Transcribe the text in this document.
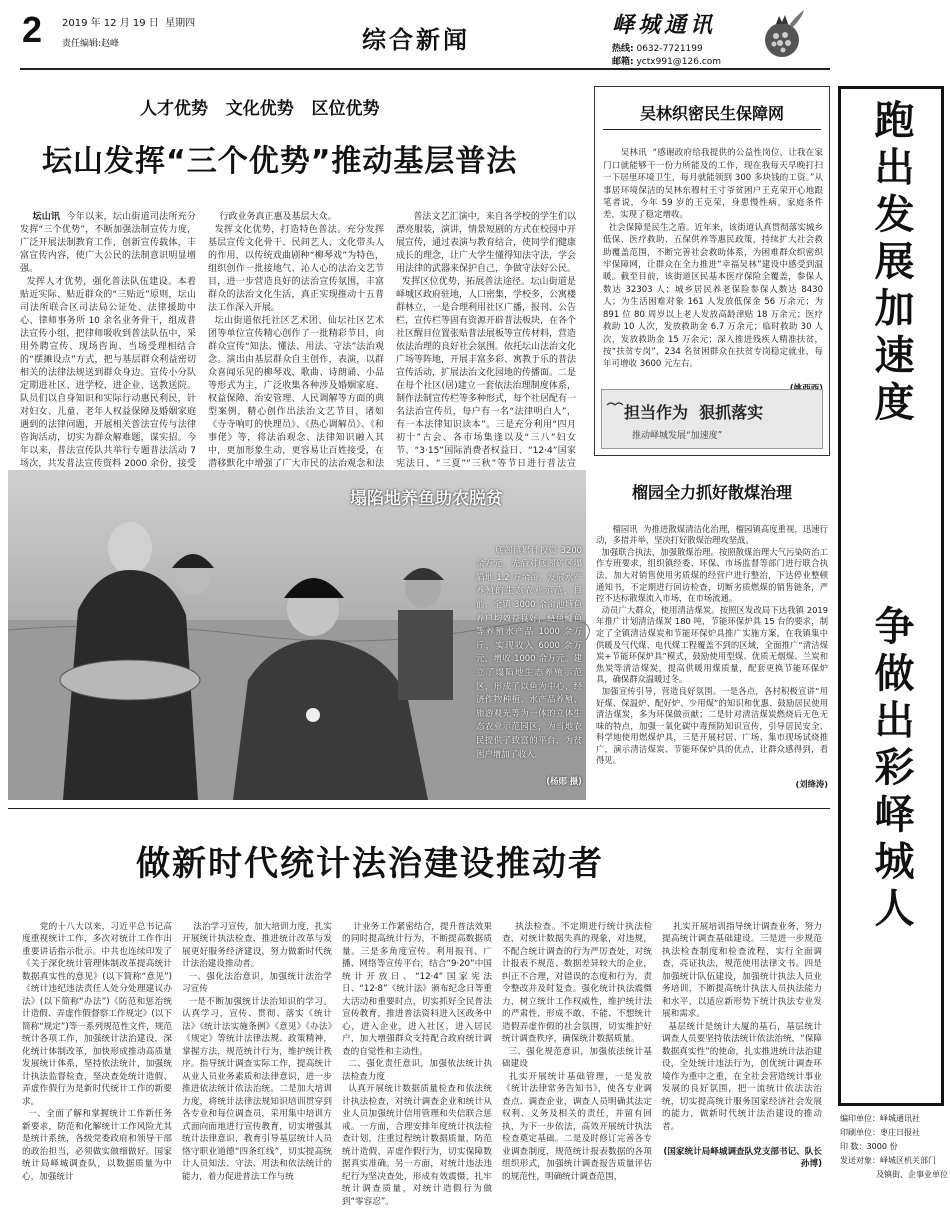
2 2019 年 12 月 19 日 星期四
责任编辑:赵峰	综合新闻
峄城通讯
热线: 0632-7721199
邮箱: yctx991@126.com
人才优势   文化优势   区位优势
坛山发挥“三个优势”推动基层普法

坛山讯  今年以来，坛山街道司法所充分发挥“三个优势”，不断加强法制宣传力度，广泛开展法制教育工作，创新宣传载体，丰富宣传内容，使广大公民的法制意识明显增强。
发挥人才优势，强化普法队伍建设。本着贴近实际、贴近群众的“三贴近”原则，坛山司法所联合区司法局公证处、法律援助中心、律师事务所 10 余名业务骨干，组成普法宣传小组，把律师吸收到普法队伍中，采用外聘宣传、现场咨询、当场受理相结合的“摆摊设点”方式，把与基层群众利益密切相关的法律法规送到群众身边。宣传小分队定期进社区、进学校、进企业、送教送院。队员们以自身知识和实际行动惠民利民，针对妇女、儿童、老年人权益保障及婚姻家庭遇到的法律问题，开展相关普法宣传与法律咨询活动，切实为群众解难题，谋实招。今年以来，普法宣传队共举行专题普法活动 7 场次，共发普法宣传资料 2000 余份，接受

行政业务真正惠及基层大众。
发挥文化优势，打造特色普法。充分发挥基层宣传文化骨干、民间艺人、文化带头人的作用，以传统戏曲剧种“柳琴戏”为特色，组织创作一批接地气、沁人心的法治文艺节目，进一步营造良好的法治宣传氛围，丰富群众的法治文化生活，真正实现推动十五普法工作深入开展。
坛山街道依托社区艺术团、仙坛社区艺术团等单位宣传精心创作了一批精彩节目，向群众宣传“知法、懂法、用法、守法”法治观念。演出由基层群众自主创作，表演，以群众喜闻乐见的柳琴戏、歌曲、诗朗诵、小品等形式为主，广泛收集各种涉及婚姻家庭、权益保障、治安管理、人民调解等方面的典型案例，精心创作出法治文艺节目，诸如《寺寺响叮的快理员》、《热心调解员》、《和事佬》等，将法治观念、法律知识融入其中，更加形象生动，更容易让百姓接受，在潜移默化中增强了广大市民的法治观念和法

普法文艺汇演中，来自各学校的学生们以漂亮服装，演讲，情景短剧的方式在校园中开展宣传，通过表演与教育结合，使同学们健康成长的理念，让广大学生懂得知法守法，学会用法律的武器来保护自己，争做守法好公民。
发挥区位优势，拓展普法途径。坛山街道是峄城区政府驻地，人口密集，学校多，公寓楼群林立，一是合理利用社区广播，报刊、公告栏，宣传栏等固有资源开辟普法板块，在各个社区醒目位置张贴普法展板等宣传材料，营造依法治理的良好社会氛围。依托坛山法治文化广场等阵地，开展丰富多彩、寓教于乐的普法宣传活动，扩展法治文化园地的传播面。二是在每个社区(居)建立一套依法治理制度体系，制作法制宣传栏等多种形式，每个社居配有一名法治宣传员，每户有一名“法律明白人”，有一本法律知识读本”。三是充分利用“四月初十”古会、各市场集逢以及“三八”妇女节、“3·15”国际消费者权益日、“12·4”国家宪法日、“三夏”“三秋”等节日进行普法宣

吴林织密民生保障网

吴林讯  “感谢政府给我提供的公益性岗位，让我在家门口就能够干一份力所能及的工作，现在我每天早晚打扫一下居里环境卫生，每月就能领到 300 多块钱的工资。”从事居环境保洁的吴林东穆村王寸爷贫困户王克荣开心地跟笔者说，今年 59 岁的王克荣，身患慢性病，家庭条件差，实现了稳定增收。
社会保障是民生之盾。近年来，该街道认真贯彻落实城乡低保、医疗救助、五保供养等惠民政策，持续扩大社会救助覆盖范围，不断完善社会救助体系，为困难群众织密织牢保障网，让群众在全力推进“幸福吴林”建设中感受到温暖。截至目前，该街道区民基本医疗保险全覆盖，参保人数达 32303 人；城乡居民养老保险参保人数达 8430 人；为生活困难对象 161 人发放低保金 56 万余元；为 891 位 80 周岁以上老人发放高龄津贴 18 万余元；医疗救助 10 人次，发放救助金 6.7 万余元；临时救助 30 人次，发放救助金 15 万余元；深入推进残疾人精准扶贫，按“扶贫专岗”，234 名贫困群众在扶贫专岗稳定就业，每年可增收 3600 元左右。

担当作为  狠抓落实
推动峄城发展“加速度”
塌陷地养鱼助农脱贫

底阁镇累计投资 3200 余万元，先后对底阁矿区塌陷地 1.2 万余亩，发展水产养殖的生态农业示范，目前，全镇 3000 余亩池塘鱼养户均效益良好，鲢鱼鳙鱼等养殖水产品 1000 余万斤，实现收入 6000 余万元，增收 1000 余万元。建立了塌陷地生态养殖示范区，形成了以鱼为中心、经济作物种植、水产品养殖、旅游观光等为一体的立体生态农业示范园区，为当地农民提供了致富的平台，为贫困户增加了收入。

(杨郧 摄)

榴园全力抓好散煤治理

榴园讯  为推进散煤清洁化治理，榴园镇高度重视，迅速行动，多措并举，坚决打好散煤治理攻坚战。
加强联合执法，加强散煤治理。按照散煤治理大气污染防治工作专班要求，组织镇经委、环保、市场监督等部门进行联合执法，加大对销售使用劣质煤的经营户进行整治，下达停业整顿通知书，不定期进行回访检查，切断劣质燃煤的销售链条，严控不达标散煤流入市场，在市场流通。
动员广大群众，使用清洁煤炭。按照区发改局下达我镇 2019 年推广计划清洁煤炭 180 吨，节能环保炉具 15 台的要求，制定了全镇清洁煤炭和节能环保炉具推广实施方案，在我镇集中供暖及气代煤、电代煤工程覆盖不到的区域，全面推广“清洁煤炭+节能环保炉具”模式，鼓励使用型煤、优质无烟煤、兰炭和焦炭等清洁煤炭，提高供暖用煤质量，配套更换节能环保炉具，确保群众温暖过冬。
加强宣传引导，营造良好氛围。一是各点，各村积极宣讲“用好煤、保温炉、配好炉、少用煤”的知识和优惠、鼓励居民使用清洁煤炭，多为环保做贡献；二是针对清洁煤炭燃烧后无色无味的特点，加强一氧化碳中毒预防知识宣传，引导居民安全、科学地使用燃煤炉具，三是开展村居、广场、集市现场试烧推广，演示清洁煤炭、节能环保炉具的优点，让群众感得到，看得见。

(刘绛涛)

做新时代统计法治建设推动者

党的十八大以来，习近平总书记高度重视统计工作，多次对统计工作作出重要讲话指示批示。中共也连续印发了《关于深化统计管理体制改革提高统计数据真实性的意见》(以下简称“意见”)《统计违纪违法责任人处分处理建议办法》(以下简称“办法”)《防范和惩治统计造假、弄虚作假督察工作规定》(以下简称“规定”)等一系列规范性文件，规范统计各项工作，加强统计法治建设，深化统计体制改革，加快形成推动高质量发展统计体系，坚持依法统计，加强统计执法监督检查，坚决查处统计造假、弄虚作假行为是新时代统计工作的新要求。
一、全面了解和掌握统计工作新任务新要求，防范和化解统计工作风险尤其是统计系统，各级党委政府和领导干部的政治担当，必须做实做细做好。国家统计局峄城调查队，以数据质量为中心，加强统计

法治学习宣传，加大培训力度，扎实开展统计执法检查，推进统计改革与发展更好服务经济建设，努力做新时代统计法治建设推动者。
一、强化法治意识，加强统计法治学习宣传
一是不断加强统计法治知识的学习。认真学习，宣传、贯彻、落实《统计法》《统计法实施条例》《意见》《办法》《规定》等统计法律法规、政策精神，掌握方法，规范统计行为，维护统计秩序。指导统计调查实际工作，提高统计从业人员业务素质和法律意识，进一步推进依法统计依法治统。二是加大培训力度，将统计法律法规知识培训贯穿到各专业和每位调查员，采用集中培训方式面向面地进行宣传教育，切实增强其统计法律意识，教育引导基层统计人员恪守职业道德“四条红线”，切实提高统计人员知法、守法、用法和依法统计的能力，着力促进普法工作与统

计业务工作紧密结合，提升普法效果的同时提高统计行为，不断提高数据质量。三是多角度宣传。利用报刊、广播、网络等宣传平台，结合“9·20”中国统计开放日、“12·4”国家宪法日、“12·8”《统计法》颁布纪念日等重大活动和重要时点，切实抓好全民普法宣传教育，推进普法资料进入区政务中心，进入企业，进入社区，进入居民户，加大增强群众支持配合政府统计调查的自觉性和主动性。
二、强化责任意识，加强依法统计执法检查力度
认真开展统计数据质量检查和依法统计执法检查，对统计调查企业和统计从业人员加强统计信用管理和失信联合惩戒。一方面，合理安排年度统计执法检查计划，注重过程统计数据质量，防范统计造假、弄虚作假行为，切实保障数据真实准确。另一方面，对统计违法违纪行为坚决查处，形成有效震慑，扎牢统计调查质量，对统计造假行为做到“零容忍”。

执法检查。不定期进行统计执法检查，对统计数据失真的现象，对违规，不配合统计调查的行为严厉查处，对统计报表不规范、数据差异较大的企业，纠正不合理，对错误的态度和行为，责令整改并及时复查。强化统计执法震慑力，树立统计工作权威性，维护统计法的严肃性，形成不敢、不能、不想统计造假弄虚作假的社会氛围，切实维护好统计调查秩序，确保统计数据质量。
三、强化规范意识，加强依法统计基础建设
扎实开展统计基础管理，一是发放《统计法律常务告知书》，使各专业调查点、调查企业，调查人员明确其法定权利、义务及相关的责任，并留有回执，为下一步依法，高效开展统计执法检查奠定基础。二是及时修订完善各专业调查制度，规范统计报表数据的各项组织形式，加强统计调查报告质量评估的规范性，明确统计调查范围，

扎实开展培训指导统计调查业务，努力提高统计调查基础建设。三是进一步规范执法检查制度和检查流程，实行全面调查，亮证执法，规范使用法律文书。四是加强统计队伍建设，加强统计执法人员业务培训，不断提高统计执法人员执法能力和水平，以适应新形势下统计执法专业发展和需求。
基层统计是统计大厦的基石，基层统计调查人员要坚持依法统计依法治统，“保障数据真实性”的使命，扎实推进统计法治建设，全处统计违法行为，创优统计调查环境作为重中之重，在全社会营造统计事业发展的良好氛围，把一流统计依法法治统，切实提高统计服务国家经济社会发展的能力，做新时代统计法治建设的推动者。

(国家统计局峄城调查队党支部书记、队长 孙博)

跑出发展加速度
争做出彩峄城人
编印单位：峄城通讯社
印刷单位：枣庄日报社
印 数：3000 份
发送对象：峄城区机关部门
及镇街、企事业单位
